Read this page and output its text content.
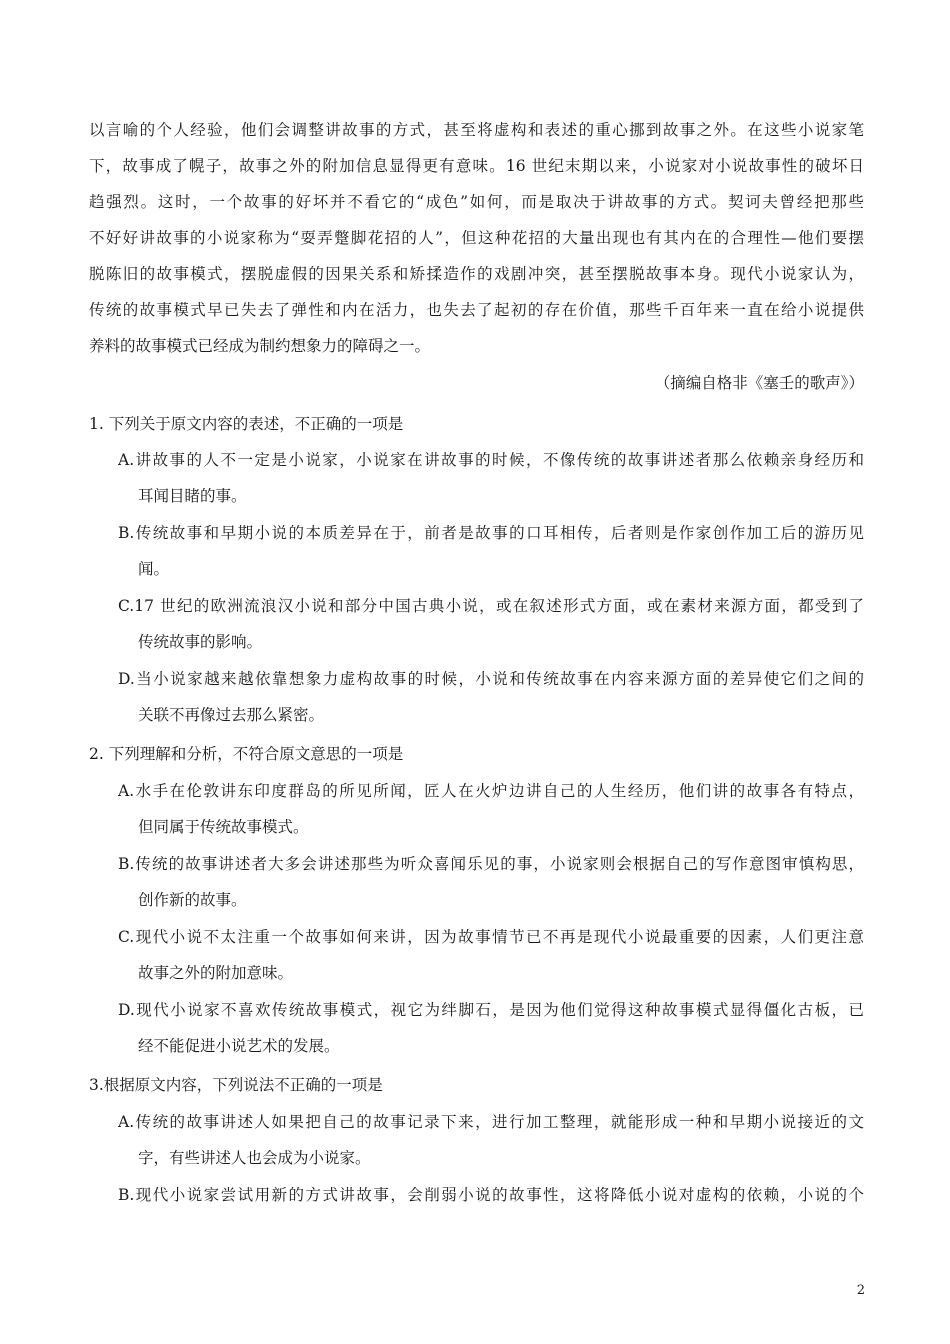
以言喻的个人经验，他们会调整讲故事的方式，甚至将虚构和表述的重心挪到故事之外。在这些小说家笔
下，故事成了幌子，故事之外的附加信息显得更有意味。16 世纪末期以来，小说家对小说故事性的破坏日
趋强烈。这时，一个故事的好坏并不看它的“成色”如何，而是取决于讲故事的方式。契诃夫曾经把那些
不好好讲故事的小说家称为“耍弄蹩脚花招的人”，但这种花招的大量出现也有其内在的合理性—他们要摆
脱陈旧的故事模式，摆脱虚假的因果关系和矫揉造作的戏剧冲突，甚至摆脱故事本身。现代小说家认为，
传统的故事模式早已失去了弹性和内在活力，也失去了起初的存在价值，那些千百年来一直在给小说提供
养料的故事模式已经成为制约想象力的障碍之一。
（摘编自格非《塞壬的歌声》）
1. 下列关于原文内容的表述，不正确的一项是
A.讲故事的人不一定是小说家，小说家在讲故事的时候，不像传统的故事讲述者那么依赖亲身经历和
耳闻目睹的事。
B.传统故事和早期小说的本质差异在于，前者是故事的口耳相传，后者则是作家创作加工后的游历见
闻。
C.17 世纪的欧洲流浪汉小说和部分中国古典小说，或在叙述形式方面，或在素材来源方面，都受到了
传统故事的影响。
D.当小说家越来越依靠想象力虚构故事的时候，小说和传统故事在内容来源方面的差异使它们之间的
关联不再像过去那么紧密。
2. 下列理解和分析，不符合原文意思的一项是
A.水手在伦敦讲东印度群岛的所见所闻，匠人在火炉边讲自己的人生经历，他们讲的故事各有特点，
但同属于传统故事模式。
B.传统的故事讲述者大多会讲述那些为听众喜闻乐见的事，小说家则会根据自己的写作意图审慎构思，
创作新的故事。
C.现代小说不太注重一个故事如何来讲，因为故事情节已不再是现代小说最重要的因素，人们更注意
故事之外的附加意味。
D.现代小说家不喜欢传统故事模式，视它为绊脚石，是因为他们觉得这种故事模式显得僵化古板，已
经不能促进小说艺术的发展。
3.根据原文内容，下列说法不正确的一项是
A.传统的故事讲述人如果把自己的故事记录下来，进行加工整理，就能形成一种和早期小说接近的文
字，有些讲述人也会成为小说家。
B.现代小说家尝试用新的方式讲故事，会削弱小说的故事性，这将降低小说对虚构的依赖，小说的个
2
